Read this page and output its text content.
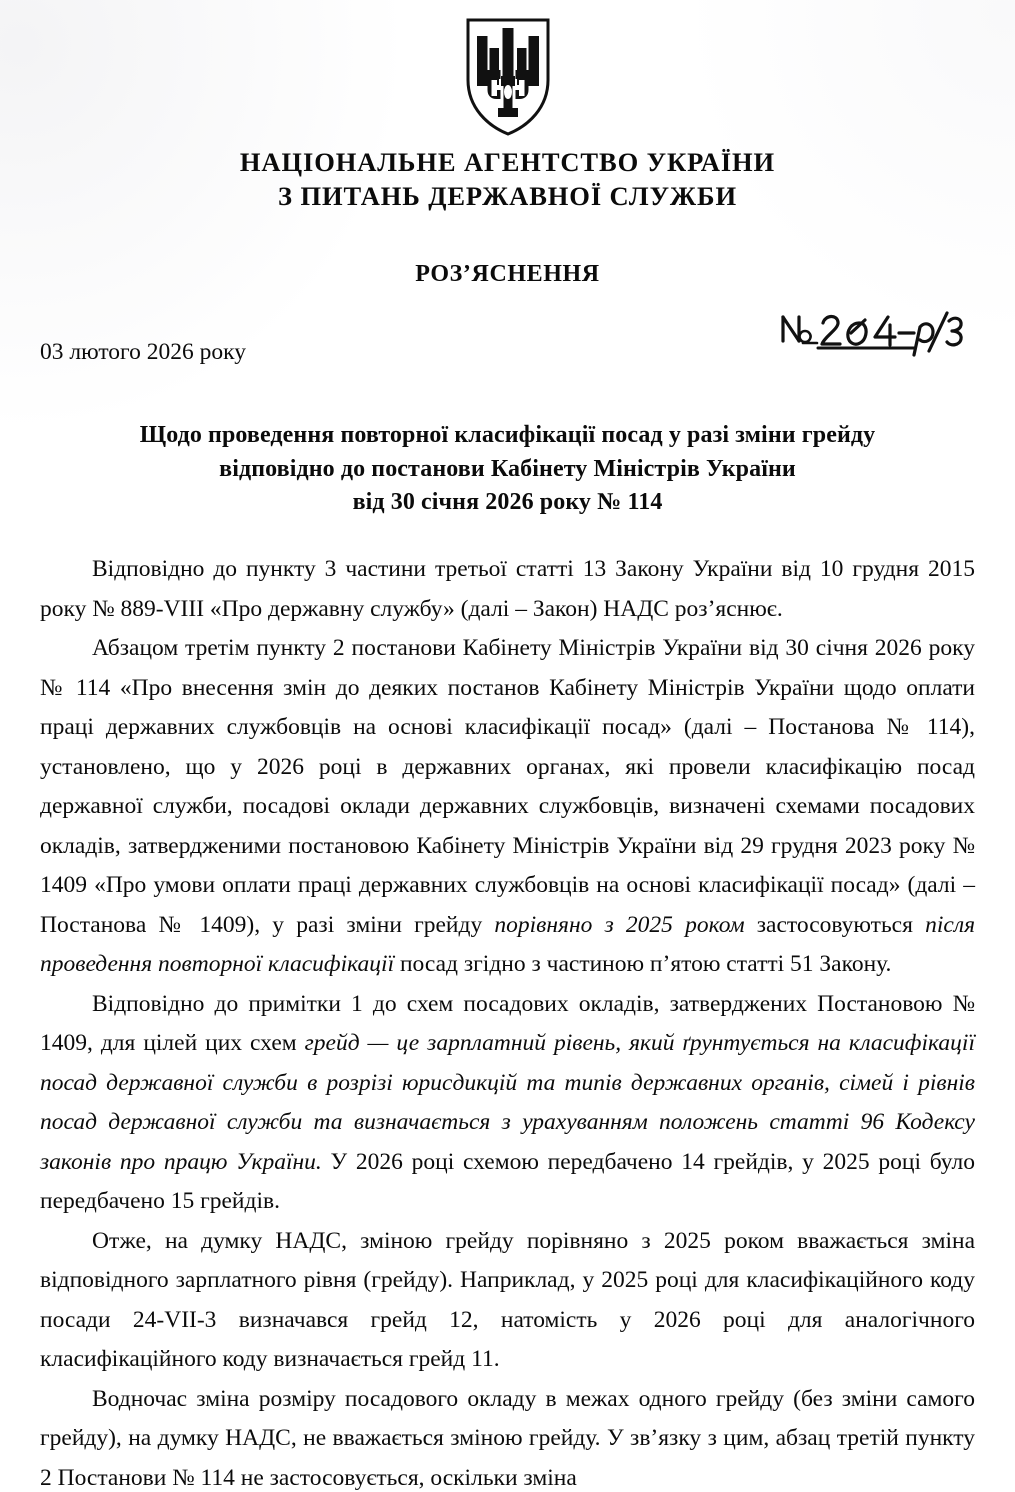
НАЦІОНАЛЬНЕ АГЕНТСТВО УКРАЇНИ
З ПИТАНЬ ДЕРЖАВНОЇ СЛУЖБИ
РОЗ’ЯСНЕННЯ
03 лютого 2026 року
Щодо проведення повторної класифікації посад у разі зміни грейду
відповідно до постанови Кабінету Міністрів України
від 30 січня 2026 року № 114

Відповідно до пункту 3 частини третьої статті 13 Закону України від 10 грудня 2015 року № 889-VIII «Про державну службу» (далі – Закон) НАДС роз’яснює.

Абзацом третім пункту 2 постанови Кабінету Міністрів України від 30 січня 2026 року № 114 «Про внесення змін до деяких постанов Кабінету Міністрів України щодо оплати праці державних службовців на основі класифікації посад» (далі – Постанова № 114), установлено, що у 2026 році в державних органах, які провели класифікацію посад державної служби, посадові оклади державних службовців, визначені схемами посадових окладів, затвердженими постановою Кабінету Міністрів України від 29 грудня 2023 року № 1409 «Про умови оплати праці державних службовців на основі класифікації посад» (далі – Постанова № 1409), у разі зміни грейду порівняно з 2025 роком застосовуються після проведення повторної класифікації посад згідно з частиною п’ятою статті 51 Закону.

Відповідно до примітки 1 до схем посадових окладів, затверджених Постановою № 1409, для цілей цих схем грейд — це зарплатний рівень, який ґрунтується на класифікації посад державної служби в розрізі юрисдикцій та типів державних органів, сімей і рівнів посад державної служби та визначається з урахуванням положень статті 96 Кодексу законів про працю України. У 2026 році схемою передбачено 14 грейдів, у 2025 році було передбачено 15 грейдів.

Отже, на думку НАДС, зміною грейду порівняно з 2025 роком вважається зміна відповідного зарплатного рівня (грейду). Наприклад, у 2025 році для класифікаційного коду посади 24-VII-3 визначався грейд 12, натомість у 2026 році для аналогічного класифікаційного коду визначається грейд 11.

Водночас зміна розміру посадового окладу в межах одного грейду (без зміни самого грейду), на думку НАДС, не вважається зміною грейду. У зв’язку з цим, абзац третій пункту 2 Постанови № 114 не застосовується, оскільки зміна
